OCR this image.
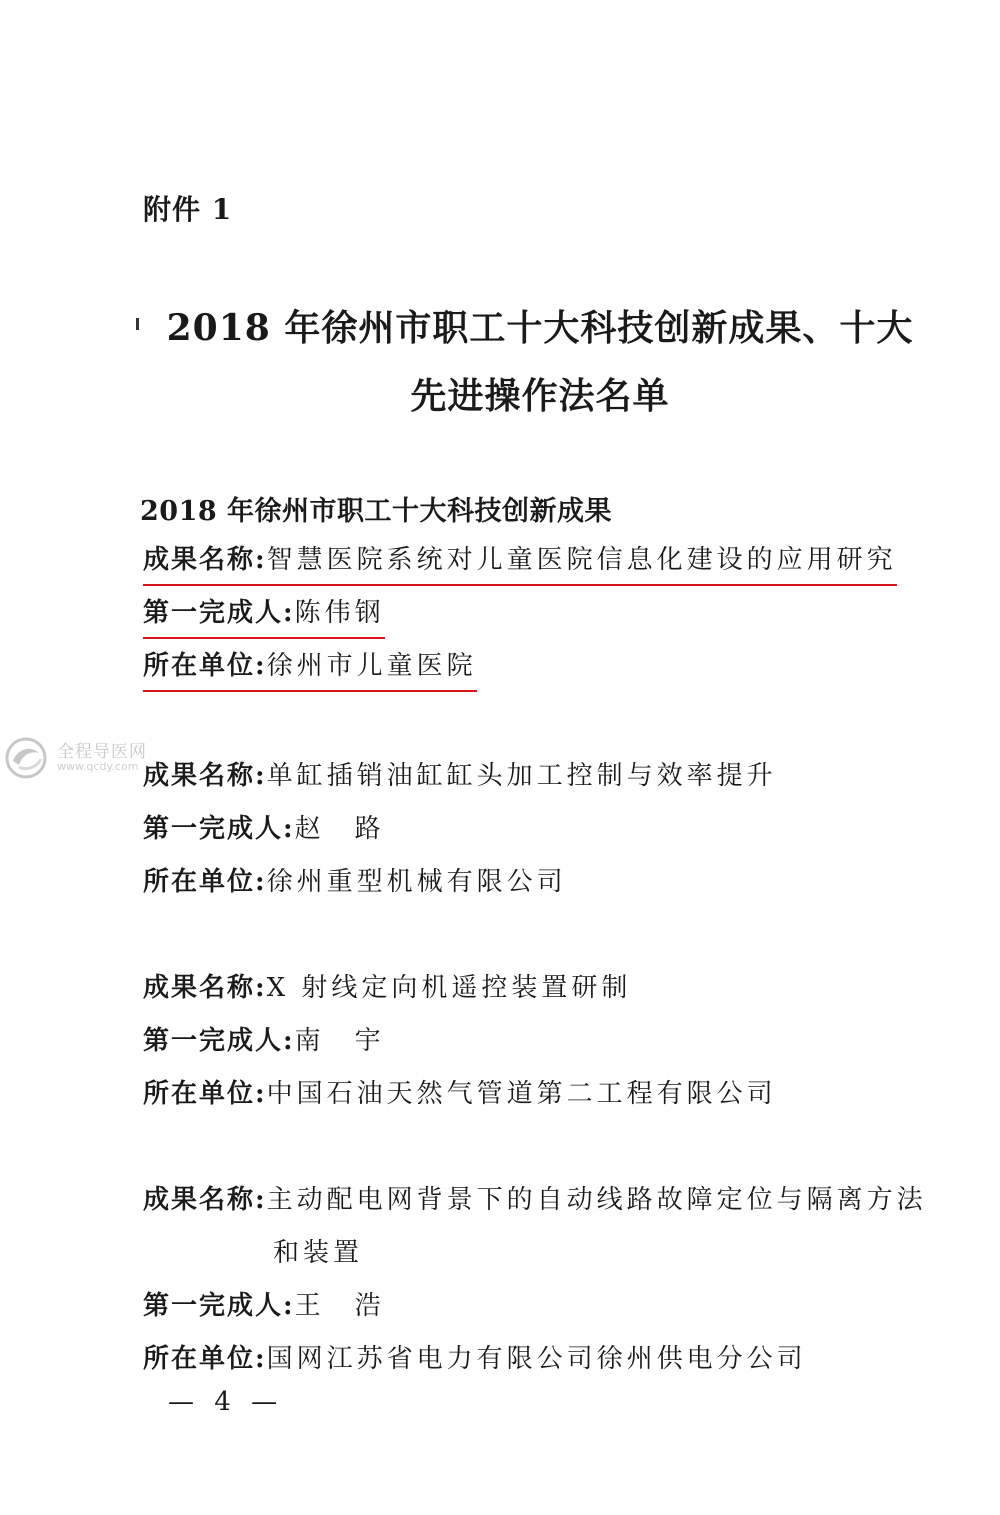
附件 1
2018 年徐州市职工十大科技创新成果、十大
先进操作法名单
2018 年徐州市职工十大科技创新成果
成果名称:智慧医院系统对儿童医院信息化建设的应用研究
第一完成人:陈伟钢
所在单位:徐州市儿童医院
成果名称:单缸插销油缸缸头加工控制与效率提升
第一完成人:赵　路
所在单位:徐州重型机械有限公司
成果名称:X 射线定向机遥控装置研制
第一完成人:南　宇
所在单位:中国石油天然气管道第二工程有限公司
成果名称:主动配电网背景下的自动线路故障定位与隔离方法
和装置
第一完成人:王　浩
所在单位:国网江苏省电力有限公司徐州供电分公司
— 4 —
全程导医网
www.qcdy.com
